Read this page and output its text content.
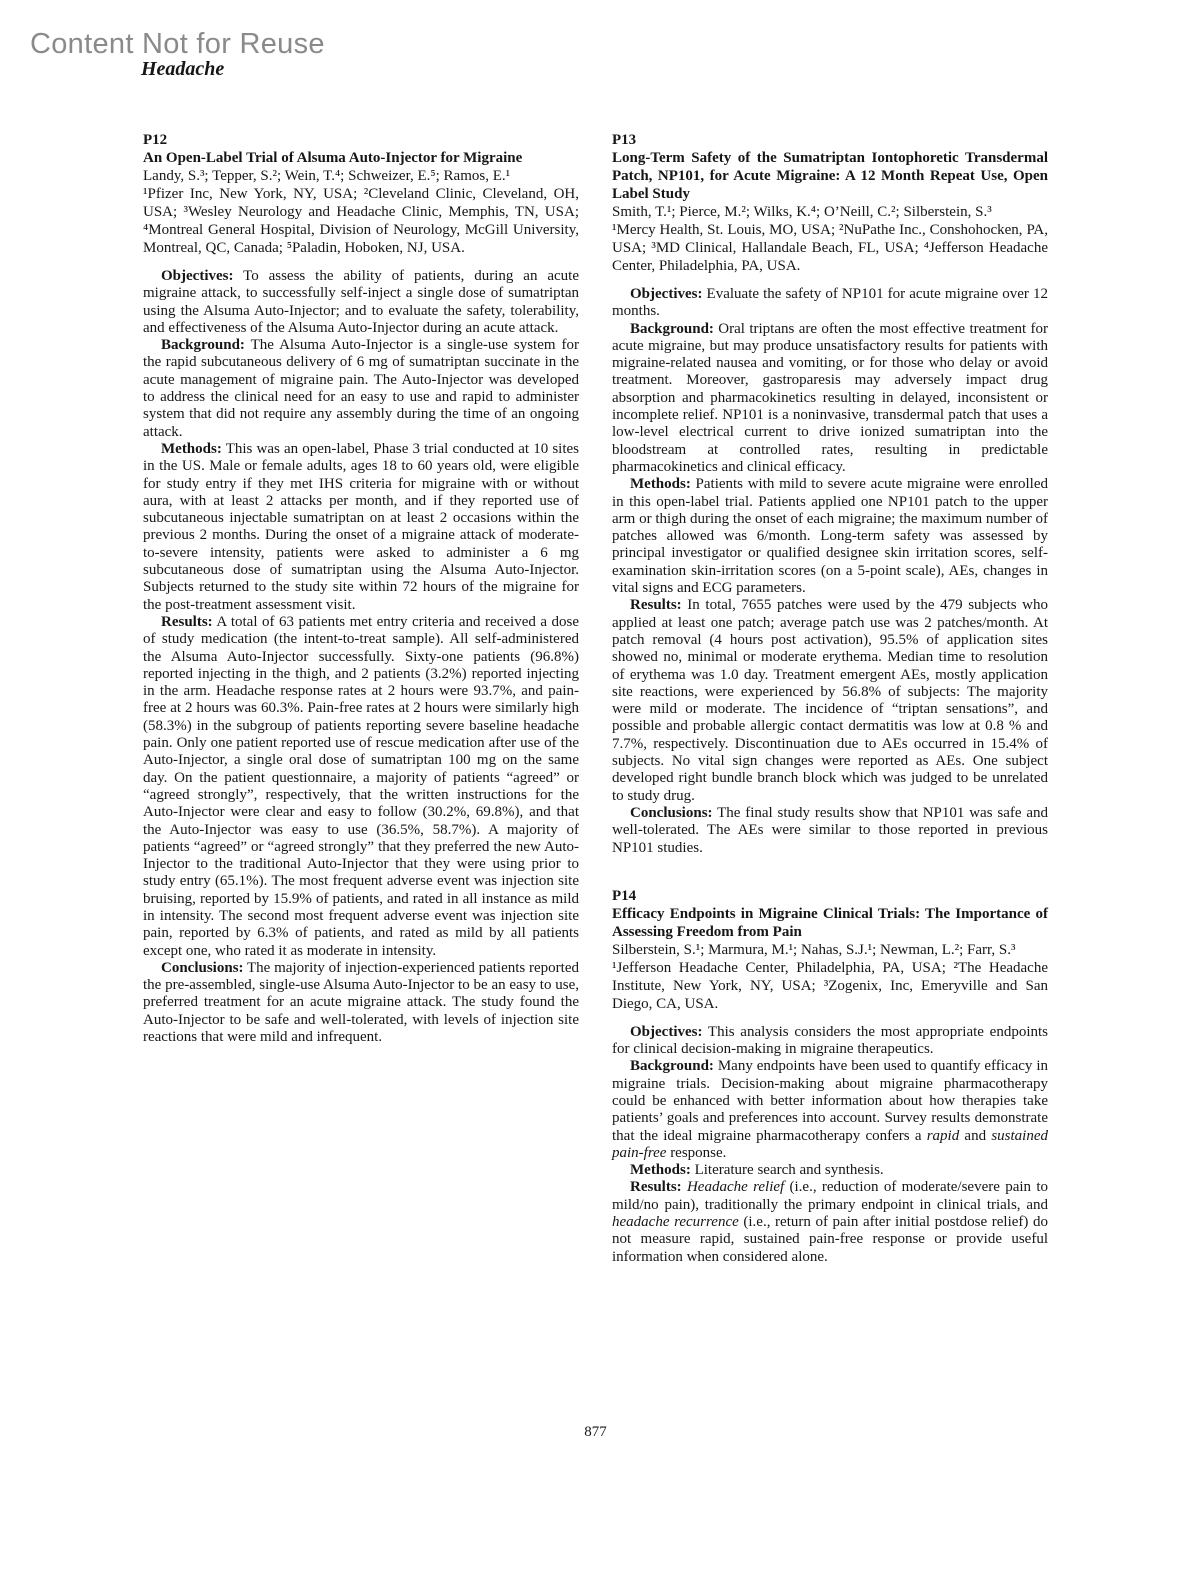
Content Not for Reuse
Headache
P12
An Open-Label Trial of Alsuma Auto-Injector for Migraine
Landy, S.³; Tepper, S.²; Wein, T.⁴; Schweizer, E.⁵; Ramos, E.¹
¹Pfizer Inc, New York, NY, USA; ²Cleveland Clinic, Cleveland, OH, USA; ³Wesley Neurology and Headache Clinic, Memphis, TN, USA; ⁴Montreal General Hospital, Division of Neurology, McGill University, Montreal, QC, Canada; ⁵Paladin, Hoboken, NJ, USA.

Objectives: To assess the ability of patients, during an acute migraine attack, to successfully self-inject a single dose of sumatriptan using the Alsuma Auto-Injector; and to evaluate the safety, tolerability, and effectiveness of the Alsuma Auto-Injector during an acute attack.

Background: The Alsuma Auto-Injector is a single-use system for the rapid subcutaneous delivery of 6 mg of sumatriptan succinate in the acute management of migraine pain. The Auto-Injector was developed to address the clinical need for an easy to use and rapid to administer system that did not require any assembly during the time of an ongoing attack.

Methods: This was an open-label, Phase 3 trial conducted at 10 sites in the US. Male or female adults, ages 18 to 60 years old, were eligible for study entry if they met IHS criteria for migraine with or without aura, with at least 2 attacks per month, and if they reported use of subcutaneous injectable sumatriptan on at least 2 occasions within the previous 2 months. During the onset of a migraine attack of moderate-to-severe intensity, patients were asked to administer a 6 mg subcutaneous dose of sumatriptan using the Alsuma Auto-Injector. Subjects returned to the study site within 72 hours of the migraine for the post-treatment assessment visit.

Results: A total of 63 patients met entry criteria and received a dose of study medication (the intent-to-treat sample). All self-administered the Alsuma Auto-Injector successfully. Sixty-one patients (96.8%) reported injecting in the thigh, and 2 patients (3.2%) reported injecting in the arm. Headache response rates at 2 hours were 93.7%, and pain-free at 2 hours was 60.3%. Pain-free rates at 2 hours were similarly high (58.3%) in the subgroup of patients reporting severe baseline headache pain. Only one patient reported use of rescue medication after use of the Auto-Injector, a single oral dose of sumatriptan 100 mg on the same day. On the patient questionnaire, a majority of patients “agreed” or “agreed strongly”, respectively, that the written instructions for the Auto-Injector were clear and easy to follow (30.2%, 69.8%), and that the Auto-Injector was easy to use (36.5%, 58.7%). A majority of patients “agreed” or “agreed strongly” that they preferred the new Auto-Injector to the traditional Auto-Injector that they were using prior to study entry (65.1%). The most frequent adverse event was injection site bruising, reported by 15.9% of patients, and rated in all instance as mild in intensity. The second most frequent adverse event was injection site pain, reported by 6.3% of patients, and rated as mild by all patients except one, who rated it as moderate in intensity.

Conclusions: The majority of injection-experienced patients reported the pre-assembled, single-use Alsuma Auto-Injector to be an easy to use, preferred treatment for an acute migraine attack. The study found the Auto-Injector to be safe and well-tolerated, with levels of injection site reactions that were mild and infrequent.

P13
Long-Term Safety of the Sumatriptan Iontophoretic Transdermal Patch, NP101, for Acute Migraine: A 12 Month Repeat Use, Open Label Study
Smith, T.¹; Pierce, M.²; Wilks, K.⁴; O’Neill, C.²; Silberstein, S.³
¹Mercy Health, St. Louis, MO, USA; ²NuPathe Inc., Conshohocken, PA, USA; ³MD Clinical, Hallandale Beach, FL, USA; ⁴Jefferson Headache Center, Philadelphia, PA, USA.

Objectives: Evaluate the safety of NP101 for acute migraine over 12 months.

Background: Oral triptans are often the most effective treatment for acute migraine, but may produce unsatisfactory results for patients with migraine-related nausea and vomiting, or for those who delay or avoid treatment. Moreover, gastroparesis may adversely impact drug absorption and pharmacokinetics resulting in delayed, inconsistent or incomplete relief. NP101 is a noninvasive, transdermal patch that uses a low-level electrical current to drive ionized sumatriptan into the bloodstream at controlled rates, resulting in predictable pharmacokinetics and clinical efficacy.

Methods: Patients with mild to severe acute migraine were enrolled in this open-label trial. Patients applied one NP101 patch to the upper arm or thigh during the onset of each migraine; the maximum number of patches allowed was 6/month. Long-term safety was assessed by principal investigator or qualified designee skin irritation scores, self-examination skin-irritation scores (on a 5-point scale), AEs, changes in vital signs and ECG parameters.

Results: In total, 7655 patches were used by the 479 subjects who applied at least one patch; average patch use was 2 patches/month. At patch removal (4 hours post activation), 95.5% of application sites showed no, minimal or moderate erythema. Median time to resolution of erythema was 1.0 day. Treatment emergent AEs, mostly application site reactions, were experienced by 56.8% of subjects: The majority were mild or moderate. The incidence of “triptan sensations”, and possible and probable allergic contact dermatitis was low at 0.8 % and 7.7%, respectively. Discontinuation due to AEs occurred in 15.4% of subjects. No vital sign changes were reported as AEs. One subject developed right bundle branch block which was judged to be unrelated to study drug.

Conclusions: The final study results show that NP101 was safe and well-tolerated. The AEs were similar to those reported in previous NP101 studies.

P14
Efficacy Endpoints in Migraine Clinical Trials: The Importance of Assessing Freedom from Pain
Silberstein, S.¹; Marmura, M.¹; Nahas, S.J.¹; Newman, L.²; Farr, S.³
¹Jefferson Headache Center, Philadelphia, PA, USA; ²The Headache Institute, New York, NY, USA; ³Zogenix, Inc, Emeryville and San Diego, CA, USA.

Objectives: This analysis considers the most appropriate endpoints for clinical decision-making in migraine therapeutics.

Background: Many endpoints have been used to quantify efficacy in migraine trials. Decision-making about migraine pharmacotherapy could be enhanced with better information about how therapies take patients’ goals and preferences into account. Survey results demonstrate that the ideal migraine pharmacotherapy confers a rapid and sustained pain-free response.

Methods: Literature search and synthesis.

Results: Headache relief (i.e., reduction of moderate/severe pain to mild/no pain), traditionally the primary endpoint in clinical trials, and headache recurrence (i.e., return of pain after initial postdose relief) do not measure rapid, sustained pain-free response or provide useful information when considered alone.

877
